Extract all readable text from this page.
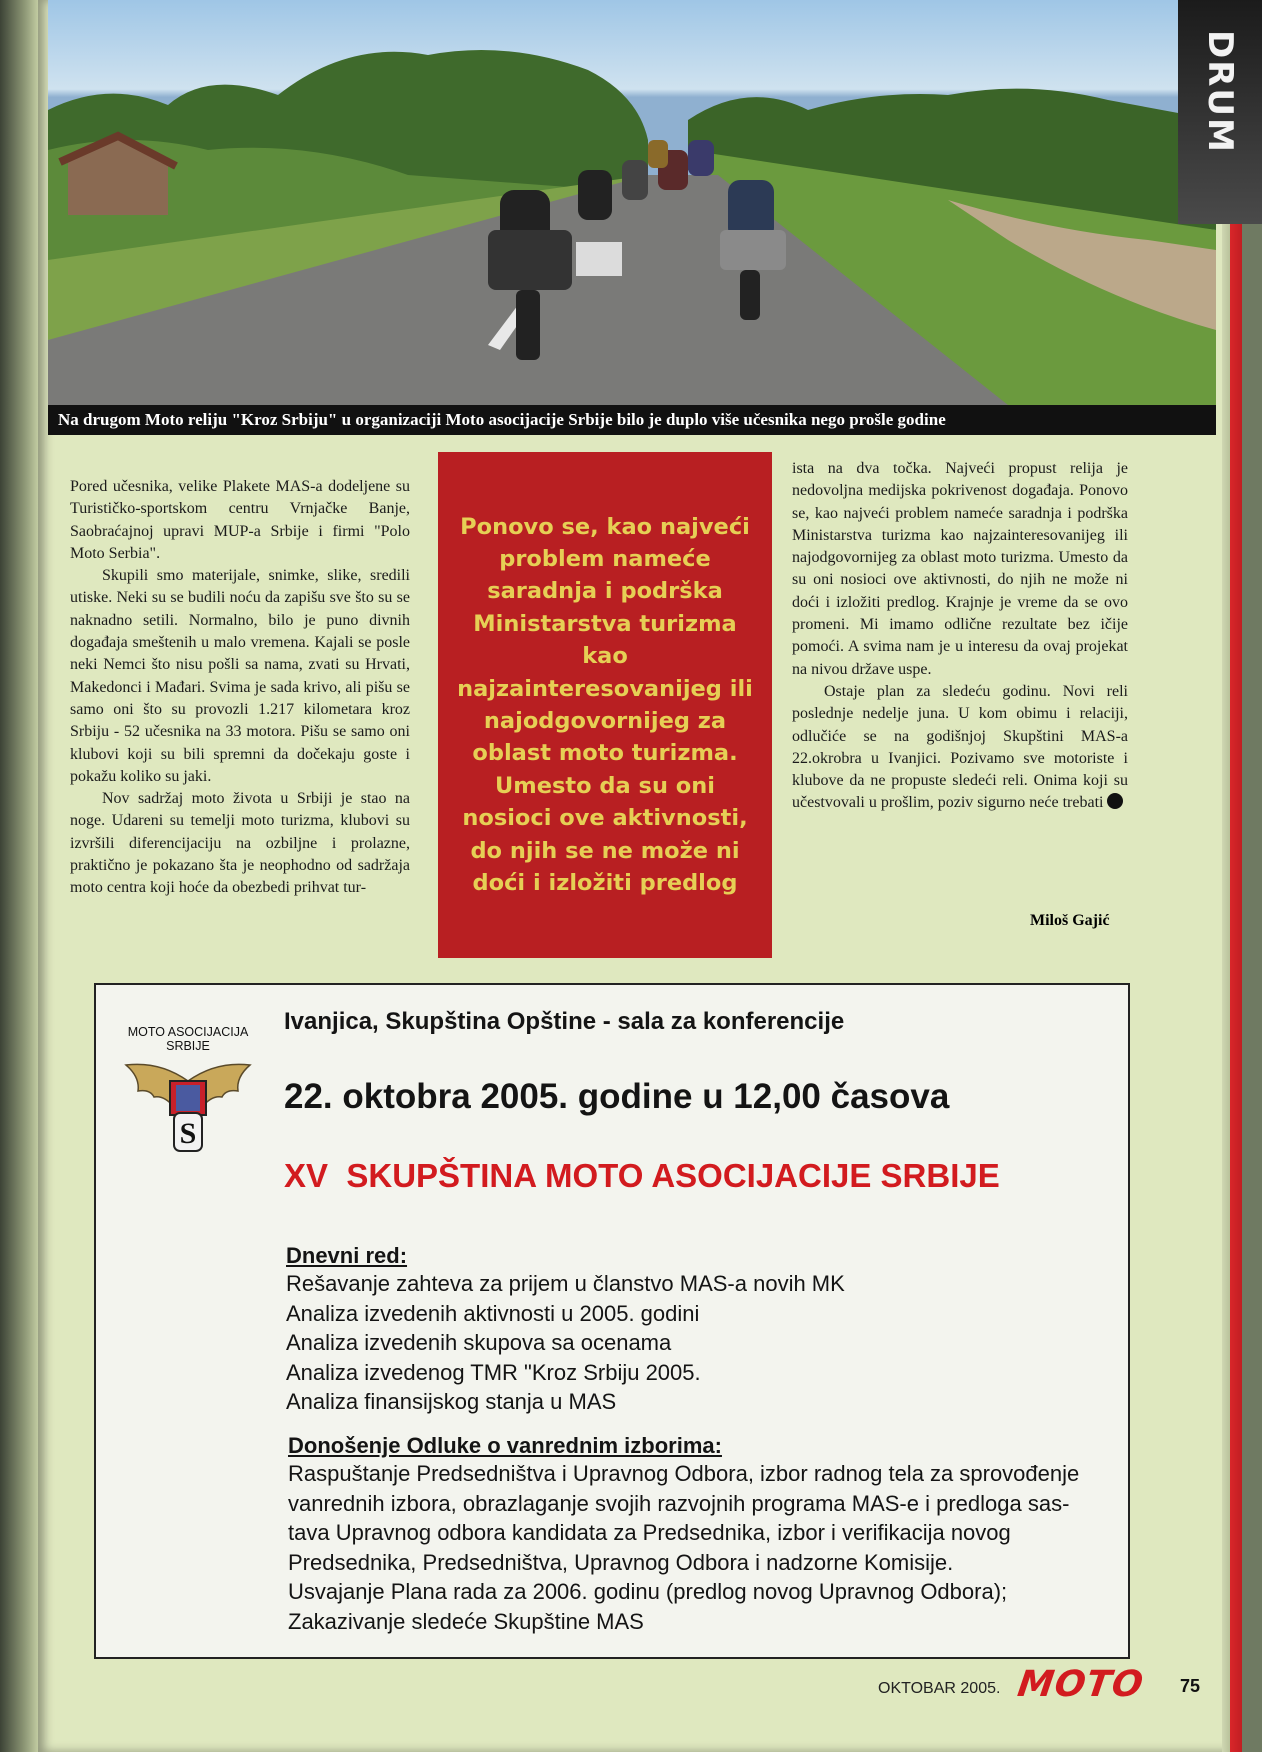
DRUM
Na drugom Moto reliju "Kroz Srbiju" u organizaciji Moto asocijacije Srbije bilo je duplo više učesnika nego prošle godine

Pored učesnika, velike Plakete MAS-a dodeljene su Turističko-sportskom centru Vrnjačke Banje, Saobraćajnoj upravi MUP-a Srbije i firmi "Polo Moto Serbia".

Skupili smo materijale, snimke, slike, sredili utiske. Neki su se budili noću da zapišu sve što su se naknadno setili. Normalno, bilo je puno divnih događaja smeštenih u malo vremena. Kajali se posle neki Nemci što nisu pošli sa nama, zvati su Hrvati, Makedonci i Mađari. Svima je sada krivo, ali pišu se samo oni što su provozli 1.217 kilometara kroz Srbiju - 52 učesnika na 33 motora. Pišu se samo oni klubovi koji su bili spremni da dočekaju goste i pokažu koliko su jaki.

Nov sadržaj moto života u Srbiji je stao na noge. Udareni su temelji moto turizma, klubovi su izvršili diferencijaciju na ozbiljne i prolazne, praktično je pokazano šta je neophodno od sadržaja moto centra koji hoće da obezbedi prihvat tur-

Ponovo se, kao najveći problem nameće saradnja i podrška Ministarstva turizma kao najzainteresovanijeg ili najodgovornijeg za oblast moto turizma. Umesto da su oni nosioci ove aktivnosti, do njih se ne može ni doći i izložiti predlog

ista na dva točka. Najveći propust relija je nedovoljna medijska pokrivenost događaja. Ponovo se, kao najveći problem nameće saradnja i podrška Ministarstva turizma kao najzainteresovanijeg ili najodgovornijeg za oblast moto turizma. Umesto da su oni nosioci ove aktivnosti, do njih ne može ni doći i izložiti predlog. Krajnje je vreme da se ovo promeni. Mi imamo odlične rezultate bez ičije pomoći. A svima nam je u interesu da ovaj projekat na nivou države uspe.

Ostaje plan za sledeću godinu. Novi reli poslednje nedelje juna. U kom obimu i relaciji, odlučiće se na godišnjoj Skupštini MAS-a 22.okrobra u Ivanjici. Pozivamo sve motoriste i klubove da ne propuste sledeći reli. Onima koji su učestvovali u prošlim, poziv sigurno neće trebati

Miloš Gajić
MOTO ASOCIJACIJA
SRBIJE
S
Ivanjica, Skupština Opštine - sala za konferencije
22. oktobra 2005. godine u 12,00 časova
XV  SKUPŠTINA MOTO ASOCIJACIJE SRBIJE

Dnevni red:

Rešavanje zahteva za prijem u članstvo MAS-a novih MK

Analiza izvedenih aktivnosti u 2005. godini

Analiza izvedenih skupova sa ocenama

Analiza izvedenog TMR "Kroz Srbiju 2005.

Analiza finansijskog stanja u MAS

Donošenje Odluke o vanrednim izborima:

Raspuštanje Predsedništva i Upravnog Odbora, izbor radnog tela za sprovođenje

vanrednih izbora, obrazlaganje svojih razvojnih programa MAS-e i predloga sas-

tava Upravnog odbora kandidata za Predsednika, izbor i verifikacija novog

Predsednika, Predsedništva, Upravnog Odbora i nadzorne Komisije.

Usvajanje Plana rada za 2006. godinu (predlog novog Upravnog Odbora);

Zakazivanje sledeće Skupštine MAS

OKTOBAR 2005. MOTO 75
